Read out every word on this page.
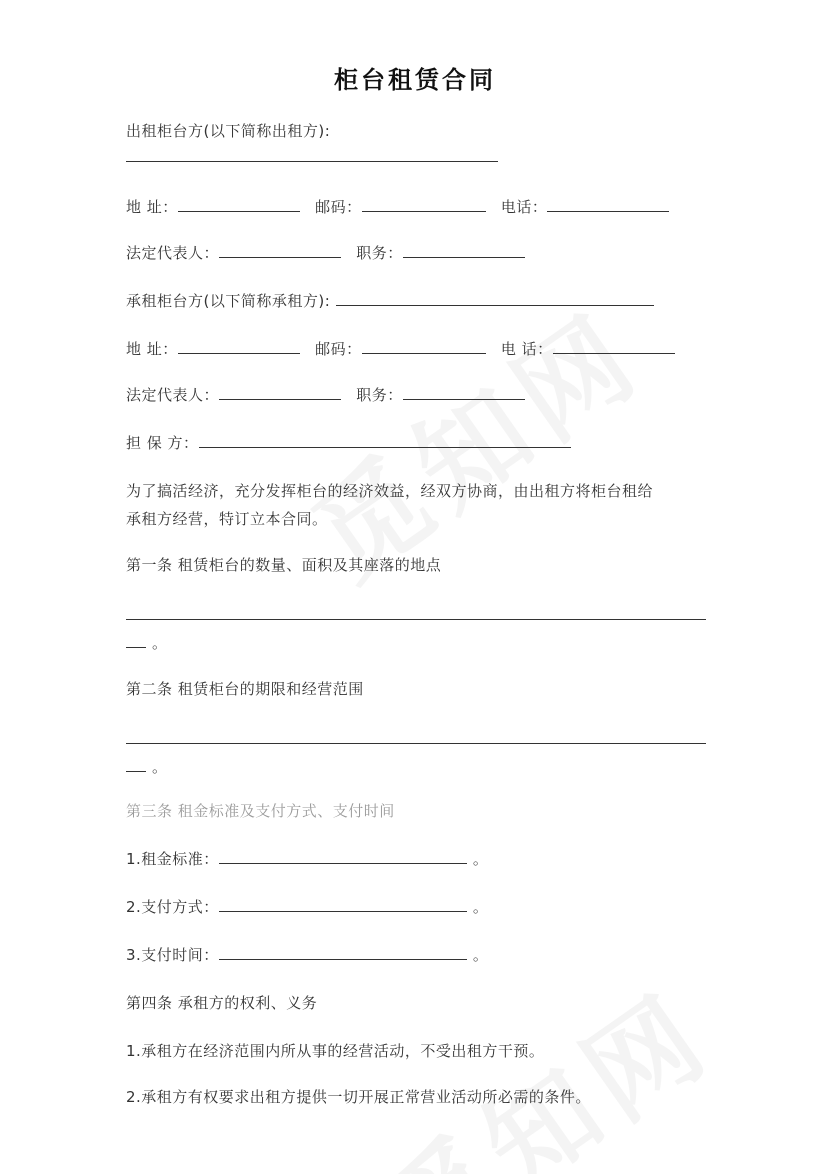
柜台租赁合同
出租柜台方(以下简称出租方):
地 址：	邮码：	电话：
法定代表人：	职务：
承租柜台方(以下简称承租方):
地 址：	邮码：	电 话：
法定代表人：	职务：
担 保 方：
为了搞活经济，充分发挥柜台的经济效益，经双方协商，由出租方将柜台租给
承租方经营，特订立本合同。
第一条 租赁柜台的数量、面积及其座落的地点
。
第二条 租赁柜台的期限和经营范围
。
第三条 租金标准及支付方式、支付时间
1.租金标准：	。
2.支付方式：	。
3.支付时间：	。
第四条 承租方的权利、义务
1.承租方在经济范围内所从事的经营活动，不受出租方干预。
2.承租方有权要求出租方提供一切开展正常营业活动所必需的条件。
